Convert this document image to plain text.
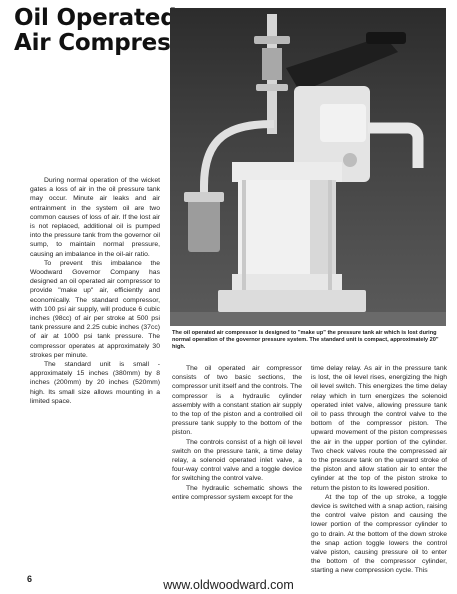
Oil Operated
Air Compressor

The oil operated air compressor is designed to "make up" the pressure tank air which is lost during normal operation of the governor pressure system. The standard unit is compact, approximately 20" high.

During normal operation of the wicket gates a loss of air in the oil pressure tank may occur. Minute air leaks and air entrainment in the system oil are two common causes of loss of air. If the lost air is not replaced, additional oil is pumped into the pressure tank from the governor oil sump, to maintain normal pressure, causing an imbalance in the oil-air ratio.

To prevent this imbalance the Woodward Governor Company has designed an oil operated air compressor to provide "make up" air, efficiently and economically. The standard compressor, with 100 psi air supply, will produce 6 cubic inches (98cc) of air per stroke at 500 psi tank pressure and 2.25 cubic inches (37cc) of air at 1000 psi tank pressure. The compressor operates at approximately 30 strokes per minute.

The standard unit is small - approximately 15 inches (380mm) by 8 inches (200mm) by 20 inches (520mm) high. Its small size allows mounting in a limited space.

The oil operated air compressor consists of two basic sections, the compressor unit itself and the controls. The compressor is a hydraulic cylinder assembly with a constant station air supply to the top of the piston and a controlled oil pressure tank supply to the bottom of the piston.

The controls consist of a high oil level switch on the pressure tank, a time delay relay, a solenoid operated inlet valve, a four-way control valve and a toggle device for switching the control valve.

The hydraulic schematic shows the entire compressor system except for the

time delay relay. As air in the pressure tank is lost, the oil level rises, energizing the high oil level switch. This energizes the time delay relay which in turn energizes the solenoid operated inlet valve, allowing pressure tank oil to pass through the control valve to the bottom of the compressor piston. The upward movement of the piston compresses the air in the upper portion of the cylinder. Two check valves route the compressed air to the pressure tank on the upward stroke of the piston and allow station air to enter the cylinder at the top of the piston stroke to return the piston to its lowered position.

At the top of the up stroke, a toggle device is switched with a snap action, raising the control valve piston and causing the lower portion of the compressor cylinder to go to drain. At the bottom of the down stroke the snap action toggle lowers the control valve piston, causing pressure oil to enter the bottom of the compressor cylinder, starting a new compression cycle. This

6	www.oldwoodward.com
